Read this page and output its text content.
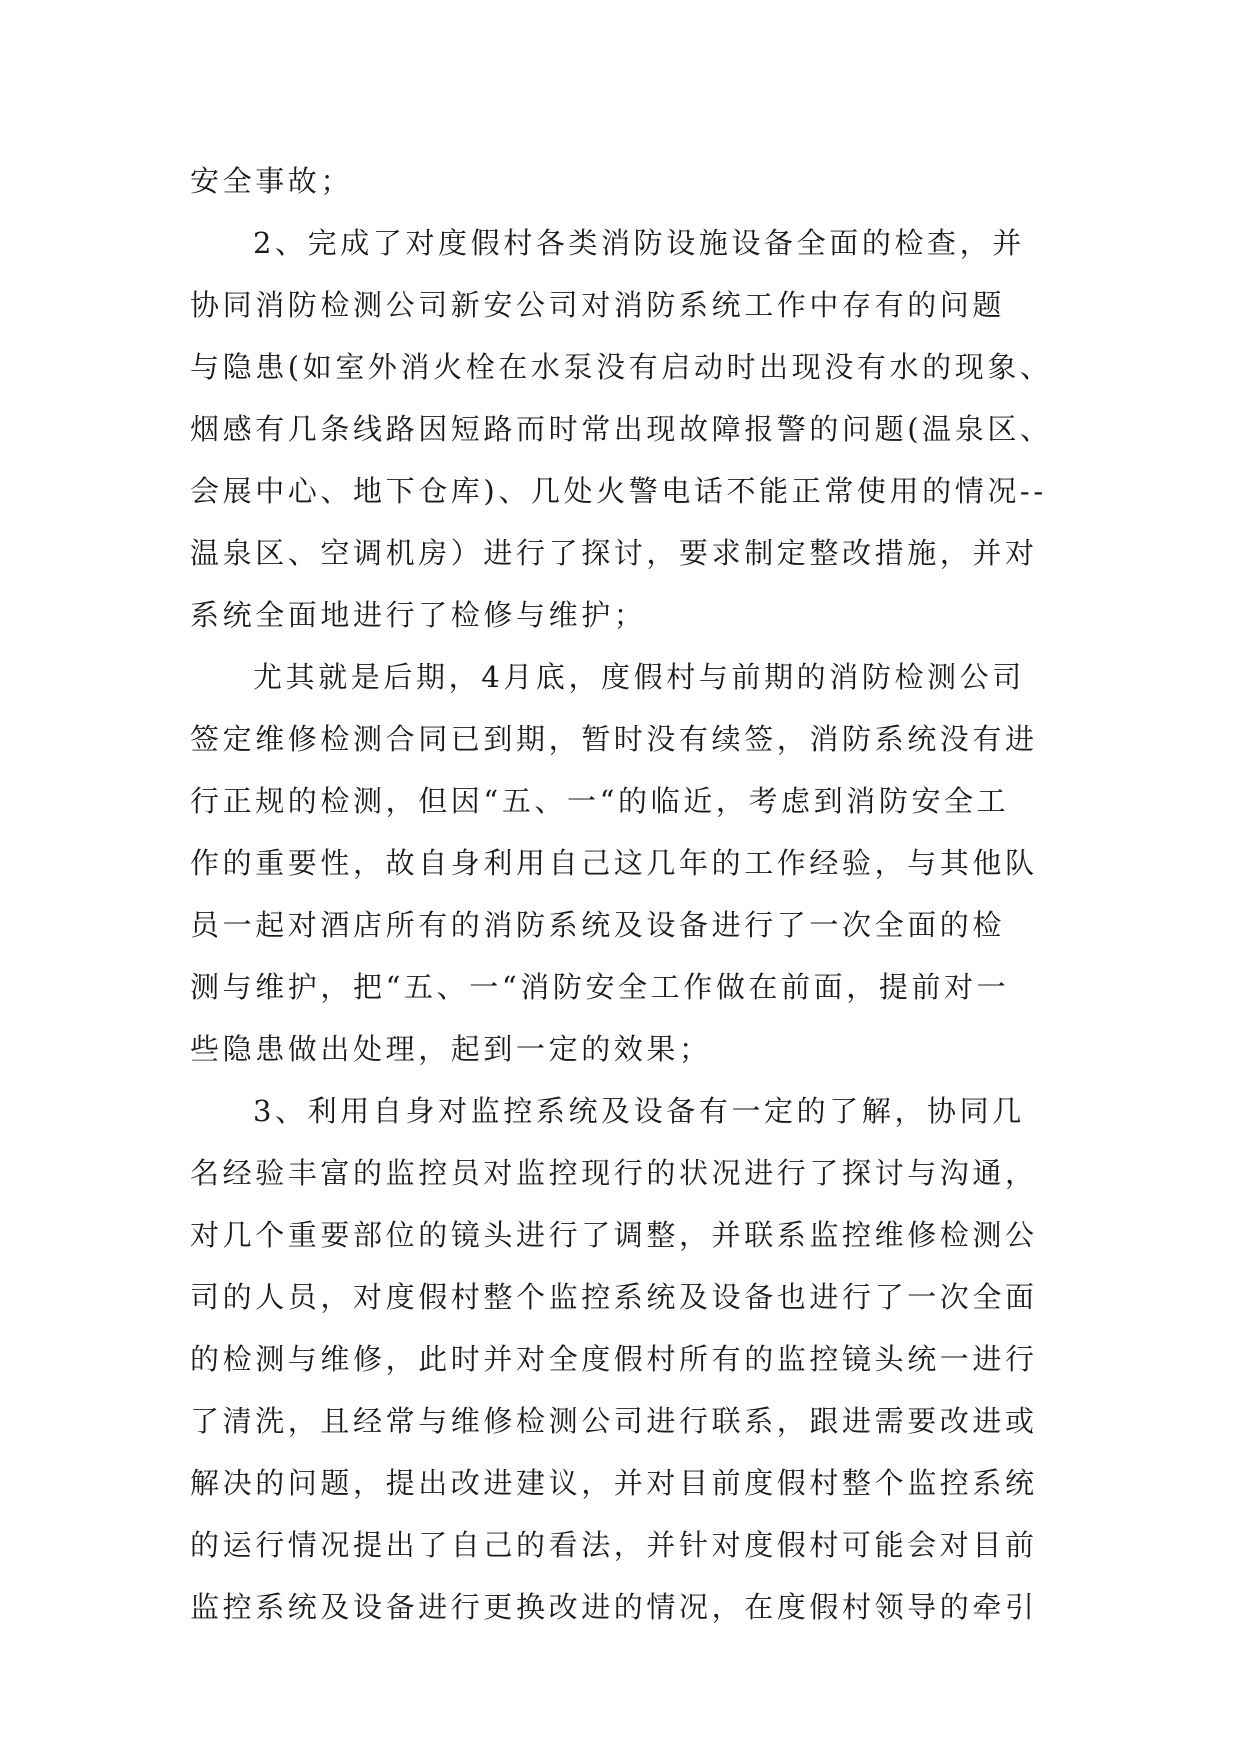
安全事故；
2、完成了对度假村各类消防设施设备全面的检查，并
协同消防检测公司新安公司对消防系统工作中存有的问题
与隐患(如室外消火栓在水泵没有启动时出现没有水的现象、
烟感有几条线路因短路而时常出现故障报警的问题(温泉区、
会展中心、地下仓库)、几处火警电话不能正常使用的情况--
温泉区、空调机房）进行了探讨，要求制定整改措施，并对
系统全面地进行了检修与维护；
尤其就是后期，4月底，度假村与前期的消防检测公司
签定维修检测合同已到期，暂时没有续签，消防系统没有进
行正规的检测，但因“五、一“的临近，考虑到消防安全工
作的重要性，故自身利用自己这几年的工作经验，与其他队
员一起对酒店所有的消防系统及设备进行了一次全面的检
测与维护，把“五、一“消防安全工作做在前面，提前对一
些隐患做出处理，起到一定的效果；
3、利用自身对监控系统及设备有一定的了解，协同几
名经验丰富的监控员对监控现行的状况进行了探讨与沟通，
对几个重要部位的镜头进行了调整，并联系监控维修检测公
司的人员，对度假村整个监控系统及设备也进行了一次全面
的检测与维修，此时并对全度假村所有的监控镜头统一进行
了清洗，且经常与维修检测公司进行联系，跟进需要改进或
解决的问题，提出改进建议，并对目前度假村整个监控系统
的运行情况提出了自己的看法，并针对度假村可能会对目前
监控系统及设备进行更换改进的情况，在度假村领导的牵引
